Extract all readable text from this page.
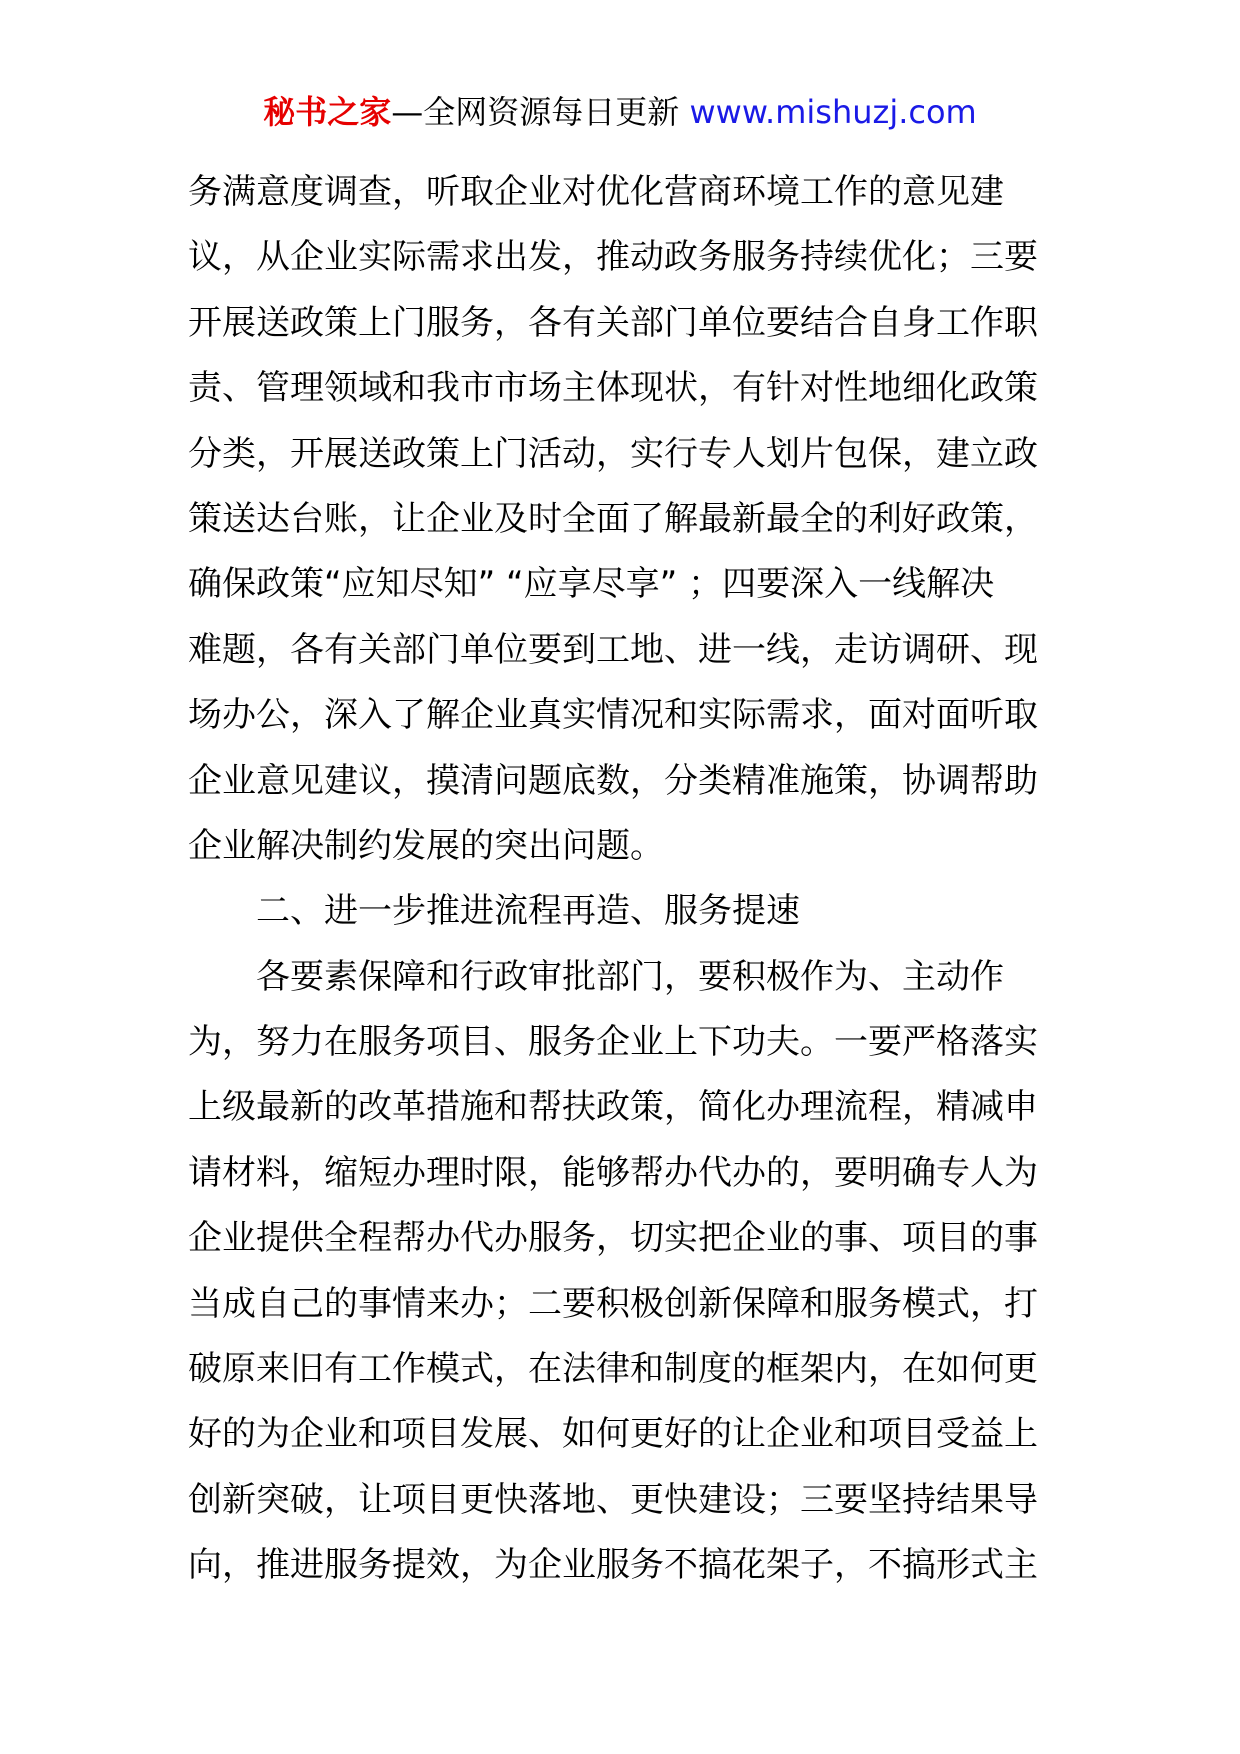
秘书之家—全网资源每日更新 www.mishuzj.com
务满意度调查，听取企业对优化营商环境工作的意见建
议，从企业实际需求出发，推动政务服务持续优化；三要
开展送政策上门服务，各有关部门单位要结合自身工作职
责、管理领域和我市市场主体现状，有针对性地细化政策
分类，开展送政策上门活动，实行专人划片包保，建立政
策送达台账，让企业及时全面了解最新最全的利好政策，
确保政策“应知尽知” “应享尽享” ；四要深入一线解决
难题，各有关部门单位要到工地、进一线，走访调研、现
场办公，深入了解企业真实情况和实际需求，面对面听取
企业意见建议，摸清问题底数，分类精准施策，协调帮助
企业解决制约发展的突出问题。
　　二、进一步推进流程再造、服务提速
　　各要素保障和行政审批部门，要积极作为、主动作
为，努力在服务项目、服务企业上下功夫。一要严格落实
上级最新的改革措施和帮扶政策，简化办理流程，精减申
请材料，缩短办理时限，能够帮办代办的，要明确专人为
企业提供全程帮办代办服务，切实把企业的事、项目的事
当成自己的事情来办；二要积极创新保障和服务模式，打
破原来旧有工作模式，在法律和制度的框架内，在如何更
好的为企业和项目发展、如何更好的让企业和项目受益上
创新突破，让项目更快落地、更快建设；三要坚持结果导
向，推进服务提效，为企业服务不搞花架子，不搞形式主
